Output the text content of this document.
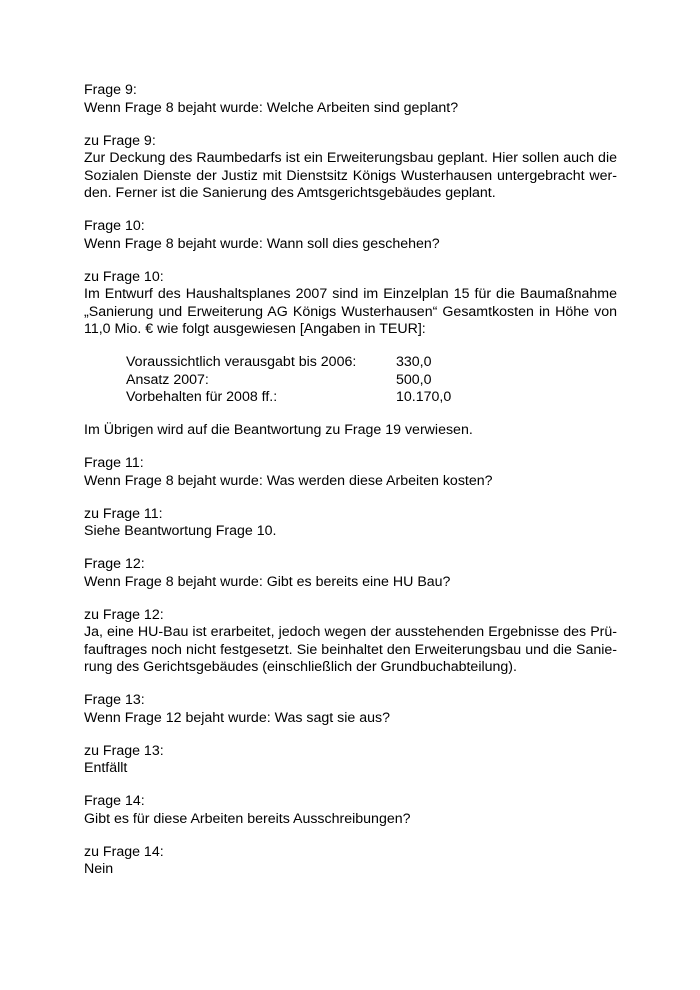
Frage 9:
Wenn Frage 8 bejaht wurde: Welche Arbeiten sind geplant?
zu Frage 9:
Zur Deckung des Raumbedarfs ist ein Erweiterungsbau geplant. Hier sollen auch die
Sozialen Dienste der Justiz mit Dienstsitz Königs Wusterhausen untergebracht wer-
den. Ferner ist die Sanierung des Amtsgerichtsgebäudes geplant.
Frage 10:
Wenn Frage 8 bejaht wurde: Wann soll dies geschehen?
zu Frage 10:
Im Entwurf des Haushaltsplanes 2007 sind im Einzelplan 15 für die Baumaßnahme
„Sanierung und Erweiterung AG Königs Wusterhausen“ Gesamtkosten in Höhe von
11,0 Mio. € wie folgt ausgewiesen [Angaben in TEUR]:
Voraussichtlich verausgabt bis 2006:	330,0
Ansatz 2007:	500,0
Vorbehalten für 2008 ff.:	10.170,0
Im Übrigen wird auf die Beantwortung zu Frage 19 verwiesen.
Frage 11:
Wenn Frage 8 bejaht wurde: Was werden diese Arbeiten kosten?
zu Frage 11:
Siehe Beantwortung Frage 10.
Frage 12:
Wenn Frage 8 bejaht wurde: Gibt es bereits eine HU Bau?
zu Frage 12:
Ja, eine HU-Bau ist erarbeitet, jedoch wegen der ausstehenden Ergebnisse des Prü-
fauftrages noch nicht festgesetzt. Sie beinhaltet den Erweiterungsbau und die Sanie-
rung des Gerichtsgebäudes (einschließlich der Grundbuchabteilung).
Frage 13:
Wenn Frage 12 bejaht wurde: Was sagt sie aus?
zu Frage 13:
Entfällt
Frage 14:
Gibt es für diese Arbeiten bereits Ausschreibungen?
zu Frage 14:
Nein
